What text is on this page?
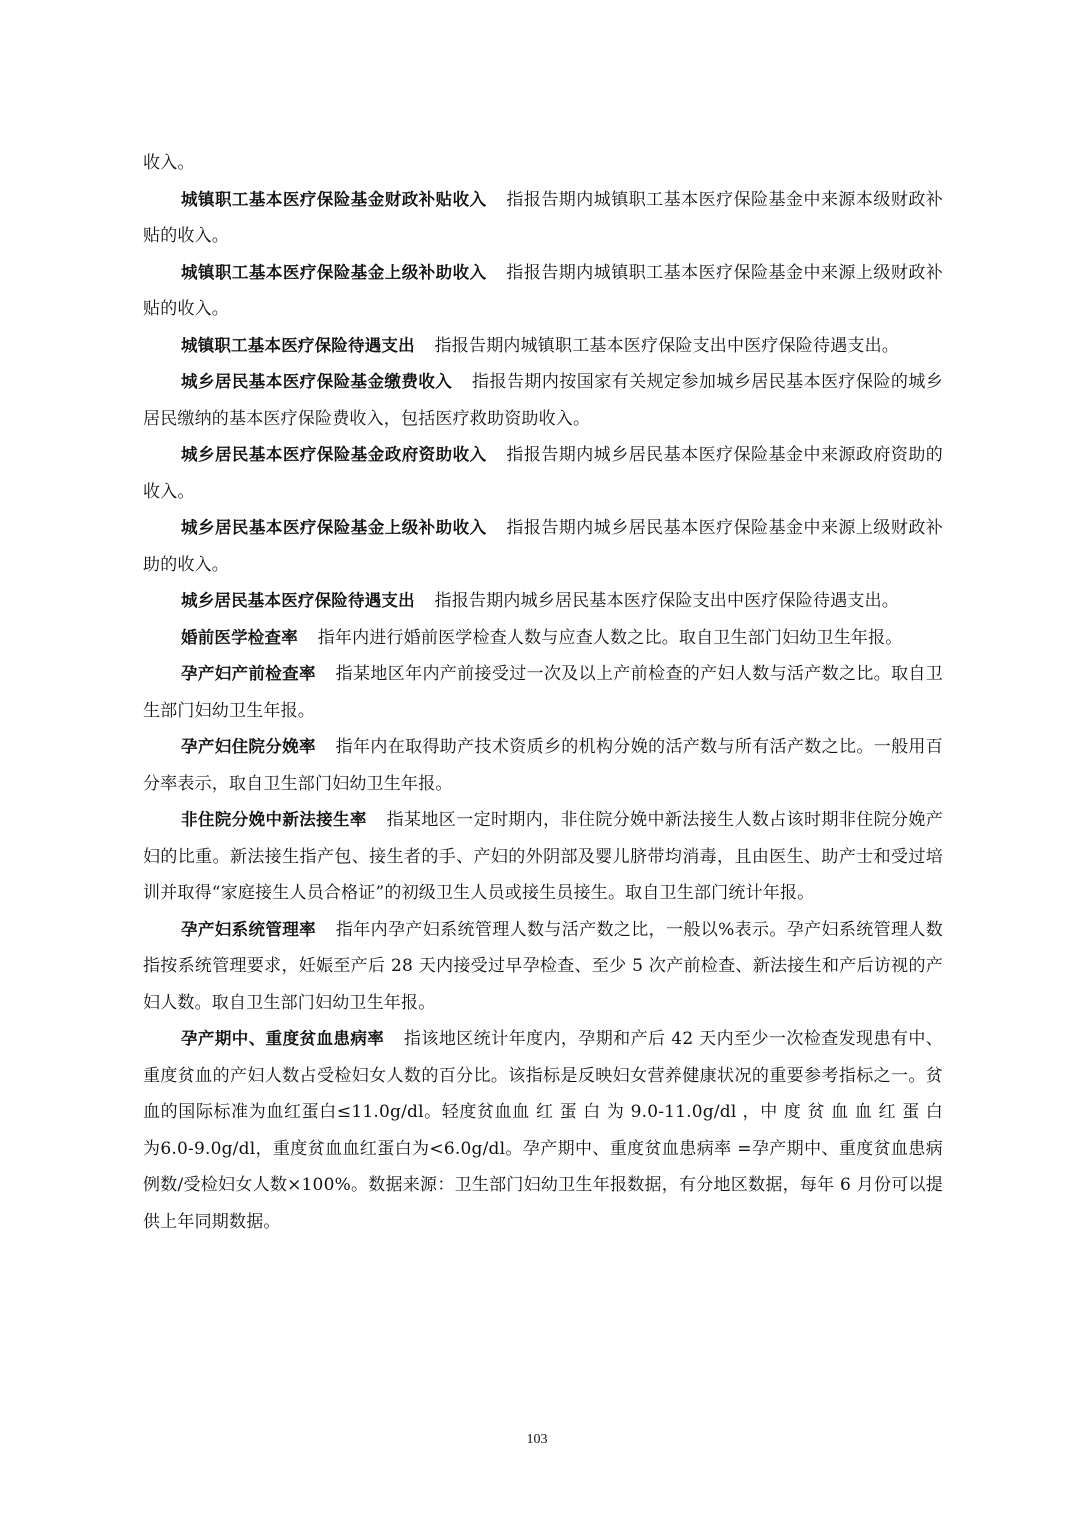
收入。

城镇职工基本医疗保险基金财政补贴收入 指报告期内城镇职工基本医疗保险基金中来源本级财政补贴的收入。

城镇职工基本医疗保险基金上级补助收入 指报告期内城镇职工基本医疗保险基金中来源上级财政补贴的收入。

城镇职工基本医疗保险待遇支出 指报告期内城镇职工基本医疗保险支出中医疗保险待遇支出。

城乡居民基本医疗保险基金缴费收入 指报告期内按国家有关规定参加城乡居民基本医疗保险的城乡居民缴纳的基本医疗保险费收入，包括医疗救助资助收入。

城乡居民基本医疗保险基金政府资助收入 指报告期内城乡居民基本医疗保险基金中来源政府资助的收入。

城乡居民基本医疗保险基金上级补助收入 指报告期内城乡居民基本医疗保险基金中来源上级财政补助的收入。

城乡居民基本医疗保险待遇支出 指报告期内城乡居民基本医疗保险支出中医疗保险待遇支出。

婚前医学检查率 指年内进行婚前医学检查人数与应查人数之比。取自卫生部门妇幼卫生年报。

孕产妇产前检查率 指某地区年内产前接受过一次及以上产前检查的产妇人数与活产数之比。取自卫生部门妇幼卫生年报。

孕产妇住院分娩率 指年内在取得助产技术资质乡的机构分娩的活产数与所有活产数之比。一般用百分率表示，取自卫生部门妇幼卫生年报。

非住院分娩中新法接生率 指某地区一定时期内，非住院分娩中新法接生人数占该时期非住院分娩产妇的比重。新法接生指产包、接生者的手、产妇的外阴部及婴儿脐带均消毒，且由医生、助产士和受过培训并取得“家庭接生人员合格证”的初级卫生人员或接生员接生。取自卫生部门统计年报。

孕产妇系统管理率 指年内孕产妇系统管理人数与活产数之比，一般以%表示。孕产妇系统管理人数指按系统管理要求，妊娠至产后 28 天内接受过早孕检查、至少 5 次产前检查、新法接生和产后访视的产妇人数。取自卫生部门妇幼卫生年报。

孕产期中、重度贫血患病率 指该地区统计年度内，孕期和产后 42 天内至少一次检查发现患有中、重度贫血的产妇人数占受检妇女人数的百分比。该指标是反映妇女营养健康状况的重要参考指标之一。贫血的国际标准为血红蛋白≤11.0g/dl。轻度贫血血 红 蛋 白 为 9.0-11.0g/dl ，中 度 贫 血 血 红 蛋 白 为6.0-9.0g/dl，重度贫血血红蛋白为<6.0g/dl。孕产期中、重度贫血患病率 =孕产期中、重度贫血患病例数/受检妇女人数×100%。数据来源：卫生部门妇幼卫生年报数据，有分地区数据，每年 6 月份可以提供上年同期数据。

103
